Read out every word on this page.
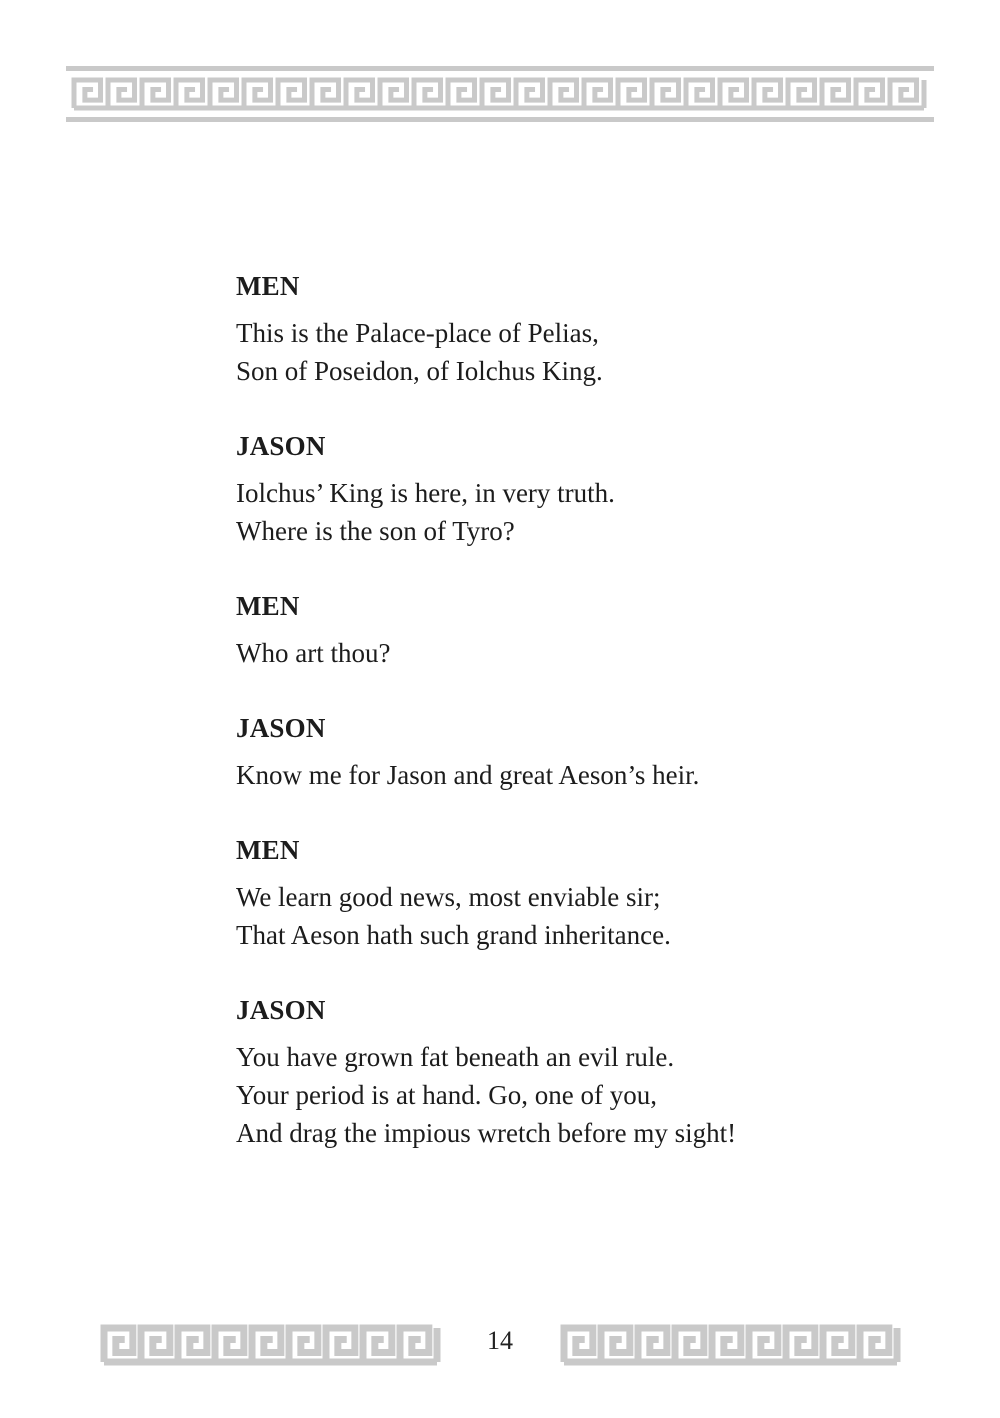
MEN
This is the Palace-place of Pelias,
Son of Poseidon, of Iolchus King.
JASON
Iolchus’ King is here, in very truth.
Where is the son of Tyro?
MEN
Who art thou?
JASON
Know me for Jason and great Aeson’s heir.
MEN
We learn good news, most enviable sir;
That Aeson hath such grand inheritance.
JASON
You have grown fat beneath an evil rule.
Your period is at hand. Go, one of you,
And drag the impious wretch before my sight!
14
